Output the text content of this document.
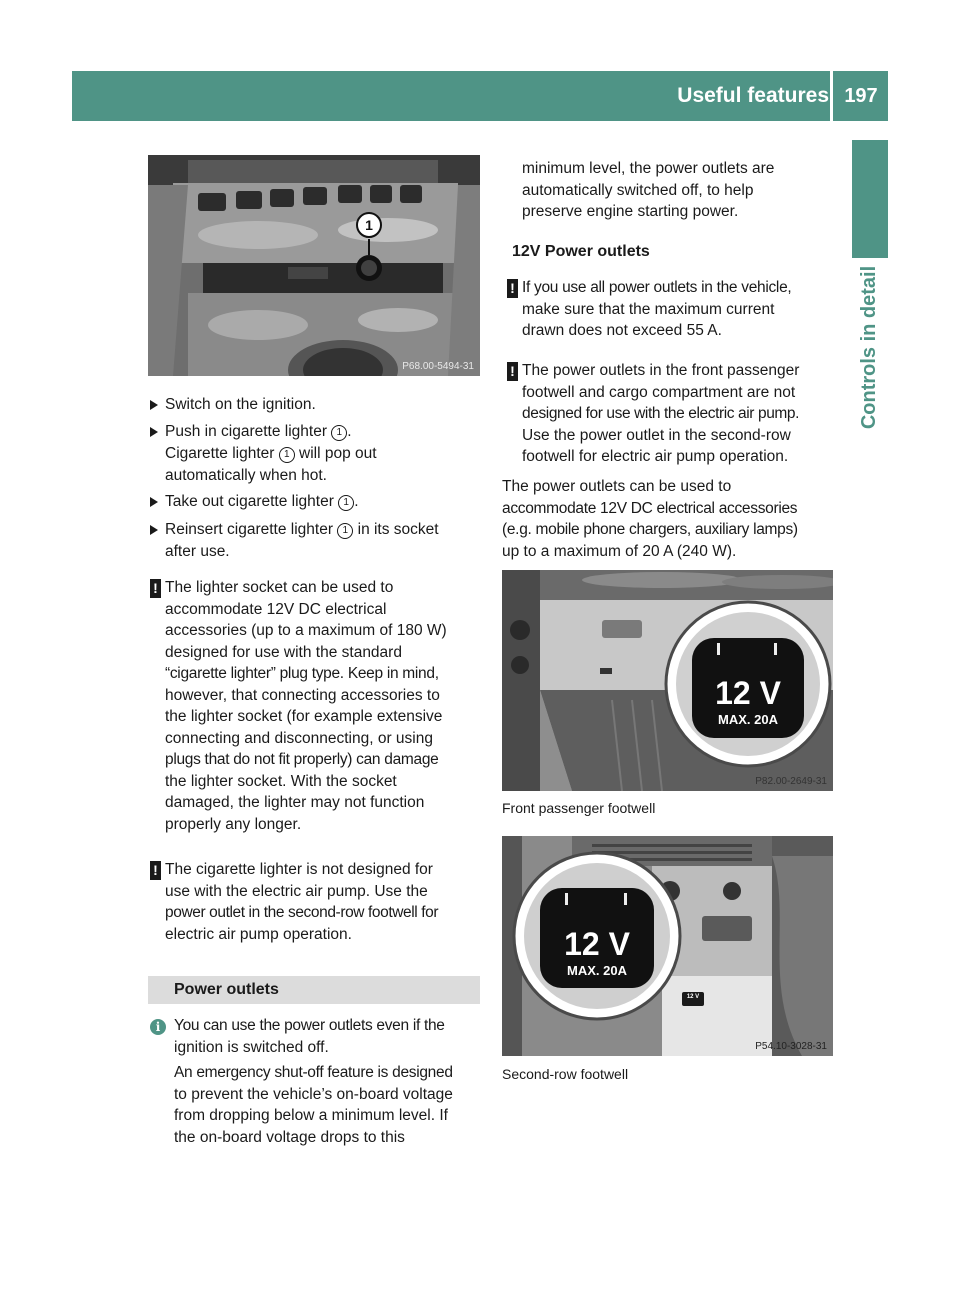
Useful features 197
Controls in detail
1
P68.00-5494-31
Switch on the ignition.
Push in cigarette lighter 1 .
Cigarette lighter 1 will pop out
automatically when hot.
Take out cigarette lighter 1 .
Reinsert cigarette lighter 1 in its socket
after use.
! The lighter socket can be used to
accommodate 12V DC electrical
accessories (up to a maximum of 180 W)
designed for use with the standard
“cigarette lighter” plug type. Keep in mind,
however, that connecting accessories to
the lighter socket (for example extensive
connecting and disconnecting, or using
plugs that do not fit properly) can damage
the lighter socket. With the socket
damaged, the lighter may not function
properly any longer.
! The cigarette lighter is not designed for
use with the electric air pump. Use the
power outlet in the second-row footwell for
electric air pump operation.
Power outlets
i You can use the power outlets even if the
ignition is switched off.
An emergency shut-off feature is designed
to prevent the vehicle’s on-board voltage
from dropping below a minimum level. If
the on-board voltage drops to this
minimum level, the power outlets are
automatically switched off, to help
preserve engine starting power.
12V Power outlets
! If you use all power outlets in the vehicle,
make sure that the maximum current
drawn does not exceed 55 A.
! The power outlets in the front passenger
footwell and cargo compartment are not
designed for use with the electric air pump.
Use the power outlet in the second-row
footwell for electric air pump operation.
The power outlets can be used to
accommodate 12V DC electrical accessories
(e.g. mobile phone chargers, auxiliary lamps)
up to a maximum of 20 A (240 W).
12 V
MAX. 20A
P82.00-2649-31
Front passenger footwell
12 V
MAX. 20A
12 V
P54.10-3028-31
Second-row footwell
